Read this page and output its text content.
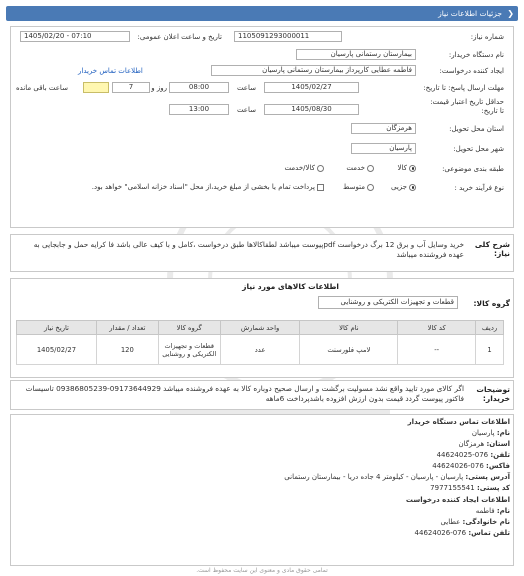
❮
جزئیات اطلاعات نیاز
شماره نیاز:
1105091293000011
تاریخ و ساعت اعلان عمومی:
1405/02/20 - 07:10
نام دستگاه خریدار:
بیمارستان رستمانی پارسیان
ایجاد کننده درخواست:
فاطمه عطایی کارپرداز بیمارستان رستمانی پارسیان
اطلاعات تماس خریدار
مهلت ارسال پاسخ: تا تاریخ:
1405/02/27
ساعت
08:00
7	روز و
ساعت باقی مانده
حداقل تاریخ اعتبار قیمت: تا تاریخ:
1405/08/30
ساعت
13:00
استان محل تحویل:
هرمزگان
شهر محل تحویل:
پارسیان
طبقه بندی موضوعی:
کالا
خدمت
کالا/خدمت
نوع فرآیند خرید :
جزیی
متوسط
پرداخت تمام یا بخشی از مبلغ خرید،از محل "اسناد خزانه اسلامی" خواهد بود.
شرح کلی نیاز:
خرید وسایل آب و برق 12 برگ درخواست pdfپیوست میباشد لطفاکالاها طبق درخواست ،کامل و با کیف عالی باشد فا کرایه حمل و جابجایی به عهده فروشنده میباشد
اطلاعات کالاهای مورد نیاز
گروه کالا:
قطعات و تجهیزات الکتریکی و روشنایی
ردیف	کد کالا	نام کالا	واحد شمارش	گروه کالا	تعداد / مقدار	تاریخ نیاز
1	--	لامپ فلورسنت	عدد	قطعات و تجهیزات الکتریکی و روشنایی	120	1405/02/27
توضیحات خریدار:
اگر کالای مورد تایید واقع نشد مسولیت برگشت و ارسال صحیح دوباره کالا به عهده فروشنده میباشد 09173644929-09386805239 تاسیسات فاکتور پیوست گردد قیمت بدون ارزش افزوده باشدپرداخت 6ماهه
اطلاعات تماس دستگاه خریدار
نام: پارسیان
استان: هرمزگان
تلفن: 076-44624025
فاکس: 076-44624026
آدرس پستی: پارسیان - پارسیان - کیلومتر 4 جاده دریا - بیمارستان رستمانی
کد پستی: 7977155541
اطلاعات ایجاد کننده درخواست
نام: فاطمه
نام خانوادگی: عطایی
تلفن تماس: 076-44624026
تمامی حقوق مادی و معنوی این سایت محفوظ است.
